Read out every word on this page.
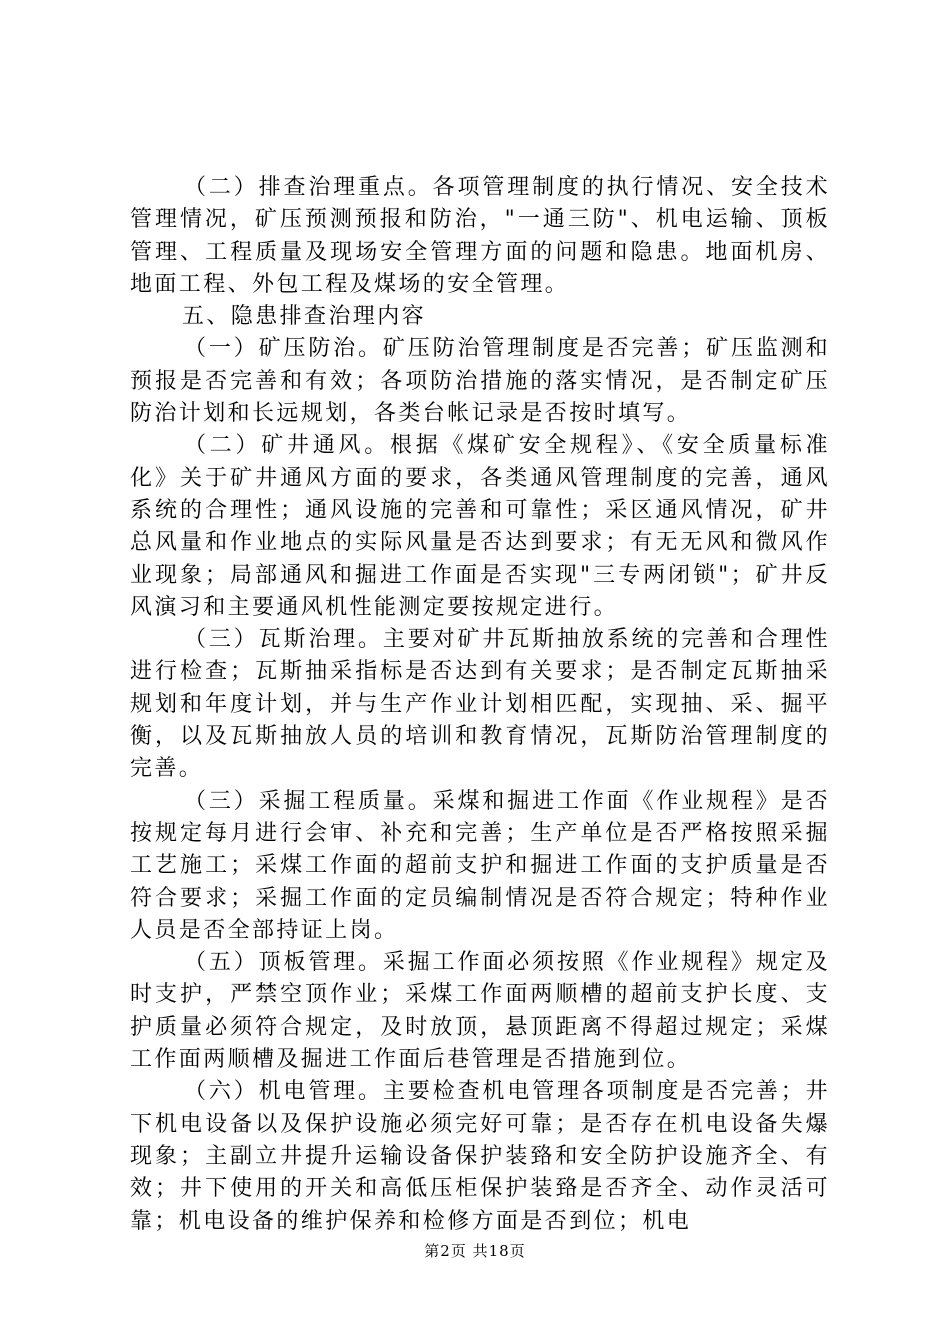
（二）排查治理重点。各项管理制度的执行情况、安全技术管理情况，矿压预测预报和防治，"一通三防"、机电运输、顶板管理、工程质量及现场安全管理方面的问题和隐患。地面机房、地面工程、外包工程及煤场的安全管理。

五、隐患排查治理内容

（一）矿压防治。矿压防治管理制度是否完善；矿压监测和预报是否完善和有效；各项防治措施的落实情况，是否制定矿压防治计划和长远规划，各类台帐记录是否按时填写。

（二）矿井通风。根据《煤矿安全规程》、《安全质量标准化》关于矿井通风方面的要求，各类通风管理制度的完善，通风系统的合理性；通风设施的完善和可靠性；采区通风情况，矿井总风量和作业地点的实际风量是否达到要求；有无无风和微风作业现象；局部通风和掘进工作面是否实现"三专两闭锁"；矿井反风演习和主要通风机性能测定要按规定进行。

（三）瓦斯治理。主要对矿井瓦斯抽放系统的完善和合理性进行检查；瓦斯抽采指标是否达到有关要求；是否制定瓦斯抽采规划和年度计划，并与生产作业计划相匹配，实现抽、采、掘平衡，以及瓦斯抽放人员的培训和教育情况，瓦斯防治管理制度的完善。

（三）采掘工程质量。采煤和掘进工作面《作业规程》是否按规定每月进行会审、补充和完善；生产单位是否严格按照采掘工艺施工；采煤工作面的超前支护和掘进工作面的支护质量是否符合要求；采掘工作面的定员编制情况是否符合规定；特种作业人员是否全部持证上岗。

（五）顶板管理。采掘工作面必须按照《作业规程》规定及时支护，严禁空顶作业；采煤工作面两顺槽的超前支护长度、支护质量必须符合规定，及时放顶，悬顶距离不得超过规定；采煤工作面两顺槽及掘进工作面后巷管理是否措施到位。

（六）机电管理。主要检查机电管理各项制度是否完善；井下机电设备以及保护设施必须完好可靠；是否存在机电设备失爆现象；主副立井提升运输设备保护装臵和安全防护设施齐全、有效；井下使用的开关和高低压柜保护装臵是否齐全、动作灵活可靠；机电设备的维护保养和检修方面是否到位；机电

第2页 共18页
